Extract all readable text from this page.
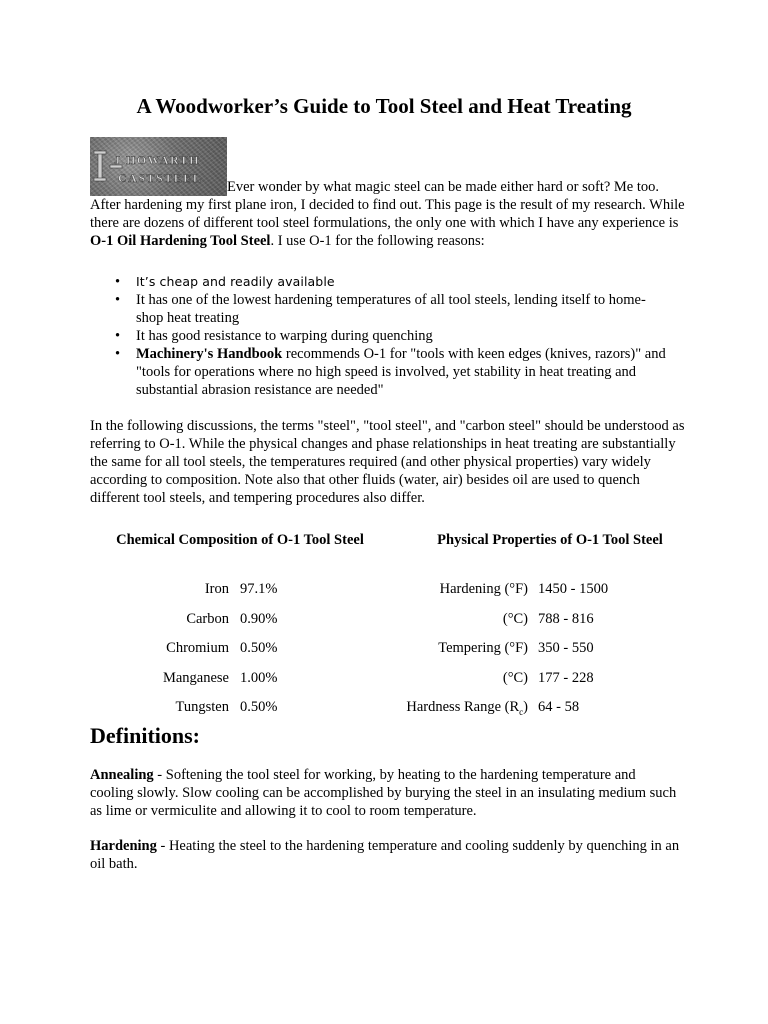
A Woodworker’s Guide to Tool Steel and Heat Treating

J.HOWARTH
CASTSTEEL
Ever wonder by what magic steel can be made either hard or soft? Me too. After hardening my first plane iron, I decided to find out. This page is the result of my research. While there are dozens of different tool steel formulations, the only one with which I have any experience is O-1 Oil Hardening Tool Steel. I use O-1 for the following reasons:

• It’s cheap and readily available
• It has one of the lowest hardening temperatures of all tool steels, lending itself to home-shop heat treating
• It has good resistance to warping during quenching
• Machinery's Handbook recommends O-1 for "tools with keen edges (knives, razors)" and "tools for operations where no high speed is involved, yet stability in heat treating and substantial abrasion resistance are needed"

In the following discussions, the terms "steel", "tool steel", and "carbon steel" should be understood as referring to O-1. While the physical changes and phase relationships in heat treating are substantially the same for all tool steels, the temperatures required (and other physical properties) vary widely according to composition. Note also that other fluids (water, air) besides oil are used to quench different tool steels, and tempering procedures also differ.

Chemical Composition of O-1 Tool Steel
Iron 97.1%
Carbon 0.90%
Chromium 0.50%
Manganese 1.00%
Tungsten 0.50%
Physical Properties of O-1 Tool Steel
Hardening (°F) 1450 - 1500
(°C) 788 - 816
Tempering (°F) 350 - 550
(°C) 177 - 228
Hardness Range $(R_c)$ 64 - 58
Definitions:

Annealing - Softening the tool steel for working, by heating to the hardening temperature and cooling slowly. Slow cooling can be accomplished by burying the steel in an insulating medium such as lime or vermiculite and allowing it to cool to room temperature.

Hardening - Heating the steel to the hardening temperature and cooling suddenly by quenching in an oil bath.
